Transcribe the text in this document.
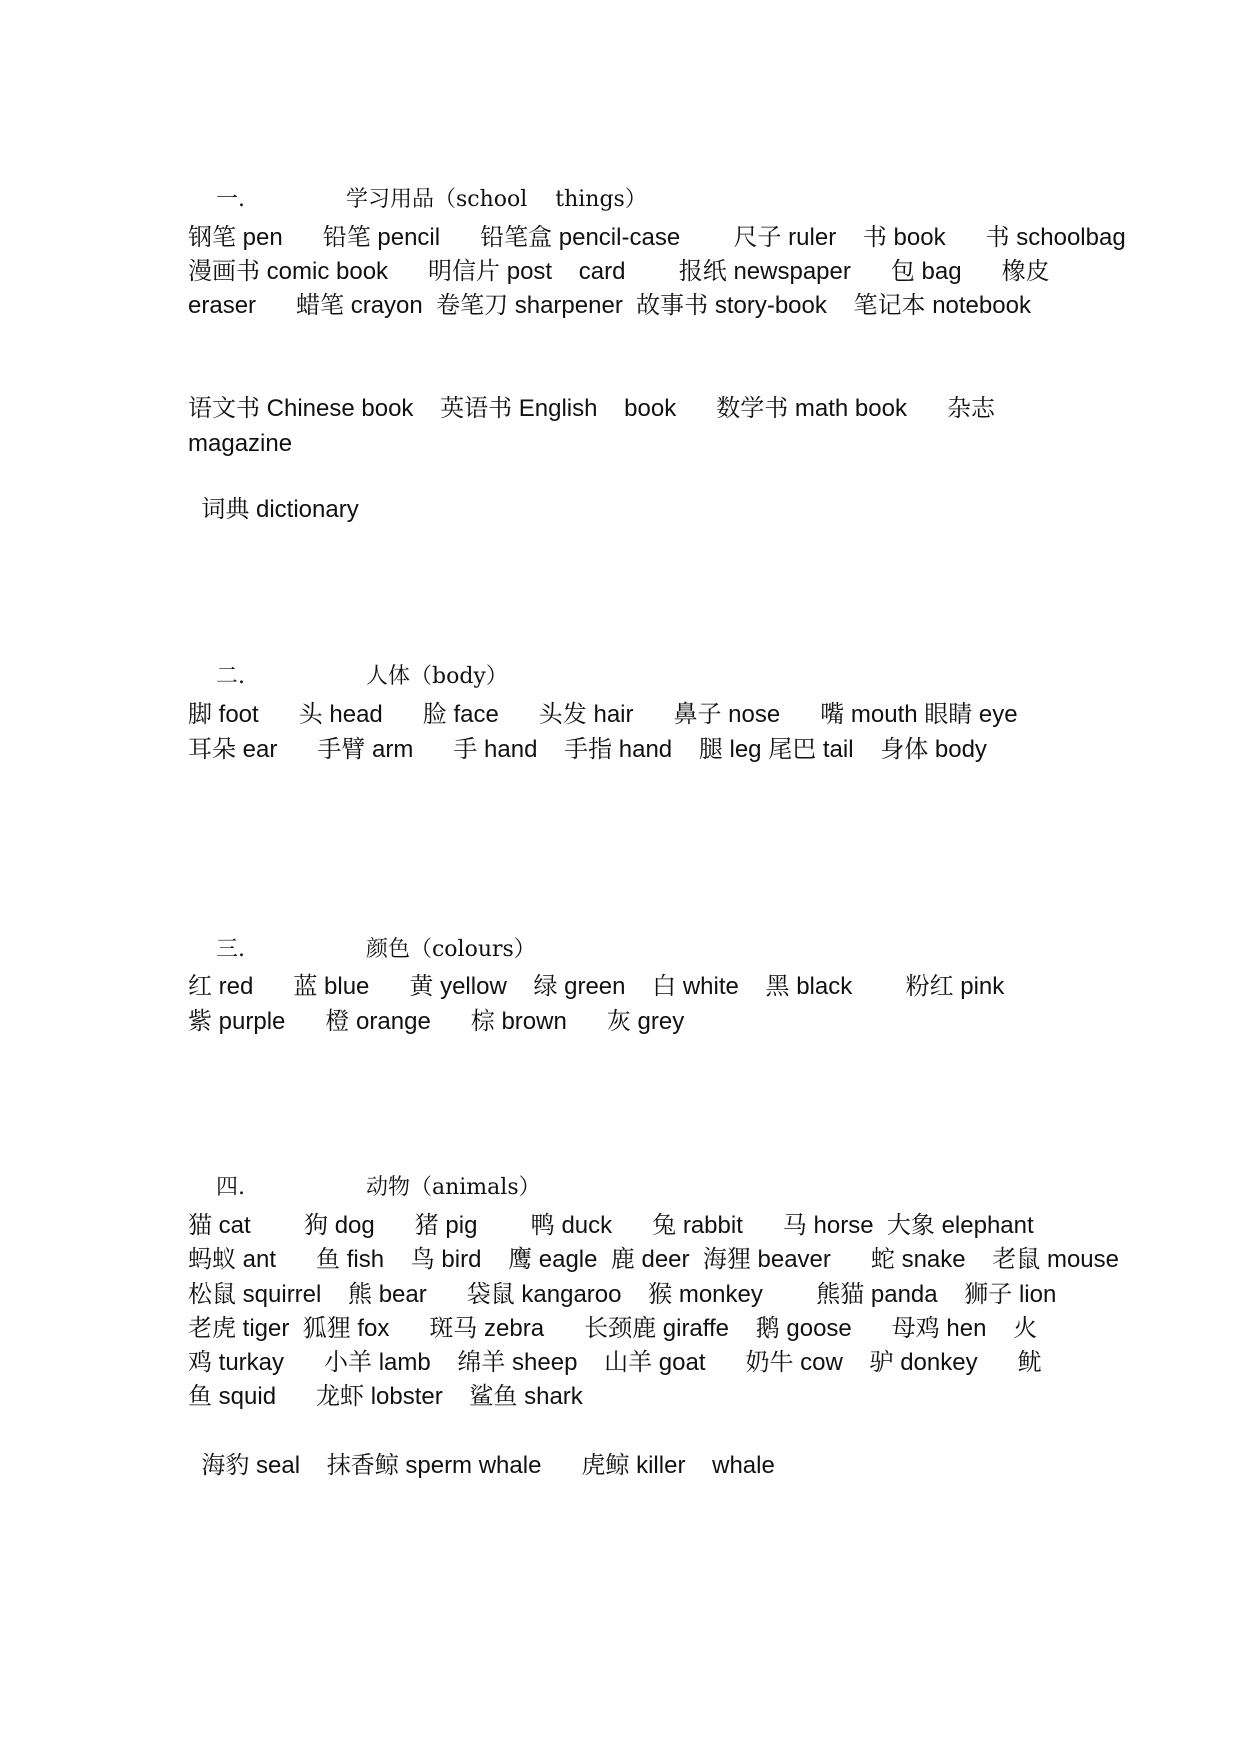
一.	学习用品（school    things）

钢笔 pen      铅笔 pencil      铅笔盒 pencil-case        尺子 ruler    书 book      书 schoolbag
漫画书 comic book      明信片 post    card        报纸 newspaper      包 bag      橡皮
eraser      蜡笔 crayon  卷笔刀 sharpener  故事书 story-book    笔记本 notebook
语文书 Chinese book    英语书 English    book      数学书 math book      杂志
magazine
词典 dictionary

二.	人体（body）

脚 foot      头 head      脸 face      头发 hair      鼻子 nose      嘴 mouth 眼睛 eye
耳朵 ear      手臂 arm      手 hand    手指 hand    腿 leg 尾巴 tail    身体 body

三.	颜色（colours）

红 red      蓝 blue      黄 yellow    绿 green    白 white    黑 black        粉红 pink
紫 purple      橙 orange      棕 brown      灰 grey

四.	动物（animals）

猫 cat        狗 dog      猪 pig        鸭 duck      兔 rabbit      马 horse  大象 elephant
蚂蚁 ant      鱼 fish    鸟 bird    鹰 eagle  鹿 deer  海狸 beaver      蛇 snake    老鼠 mouse
松鼠 squirrel    熊 bear      袋鼠 kangaroo    猴 monkey        熊猫 panda    狮子 lion
老虎 tiger  狐狸 fox      斑马 zebra      长颈鹿 giraffe    鹅 goose      母鸡 hen    火
鸡 turkay      小羊 lamb    绵羊 sheep    山羊 goat      奶牛 cow    驴 donkey      鱿
鱼 squid      龙虾 lobster    鲨鱼 shark
海豹 seal    抹香鲸 sperm whale      虎鲸 killer    whale
